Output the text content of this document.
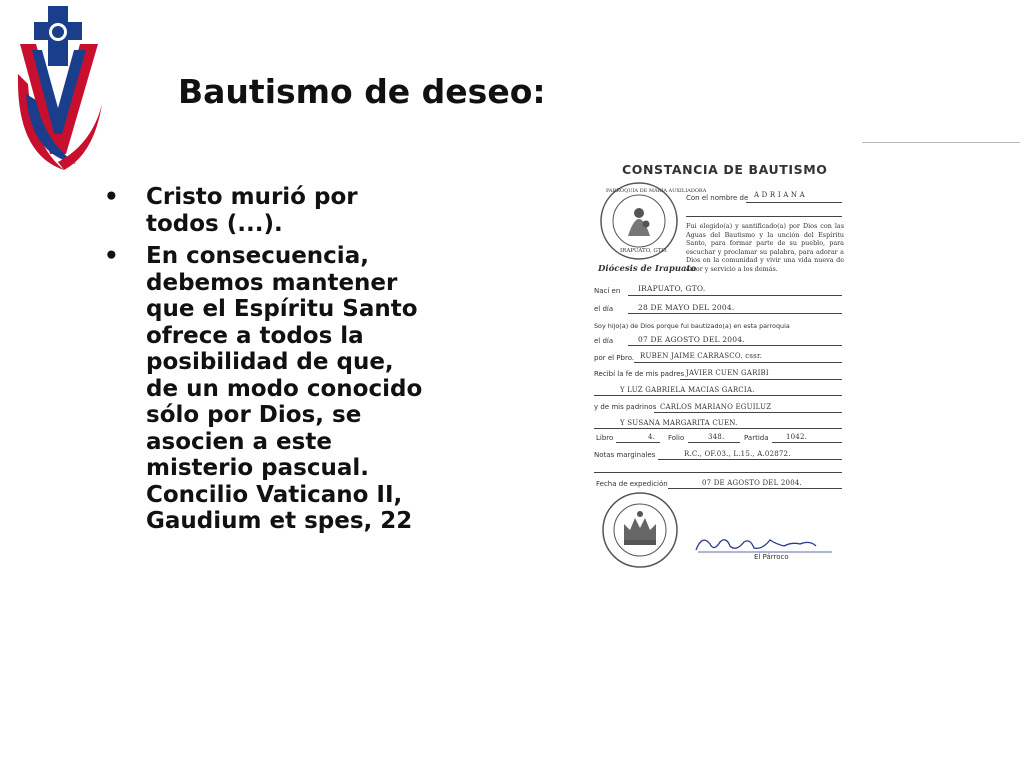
Bautismo de deseo:
• Cristo murió por todos (...).
• En consecuencia, debemos mantener que el Espíritu Santo ofrece a todos la posibilidad de que, de un modo conocido sólo por Dios, se asocien a este misterio pascual. Concilio Vaticano II, Gaudium et spes, 22
CONSTANCIA DE BAUTISMO
PARROQUIA DE MARÍA AUXILIADORA
IRAPUATO, GTO.
Diócesis de Irapuato
Con el nombre de A D R I A N A
Fui elegido(a) y santificado(a) por Dios con las Aguas del Bautismo y la unción del Espíritu Santo, para formar parte de su pueblo, para escuchar y proclamar su palabra, para adorar a Dios en la comunidad y vivir una vida nueva de amor y servicio a los demás.
Nací en IRAPUATO, GTO.
el día	28 DE MAYO DEL 2004.
Soy hijo(a) de Dios porque fui bautizado(a) en esta parroquia
el día	07 DE AGOSTO DEL 2004.
por el Pbro. RUBEN JAIME CARRASCO. cssr.
Recibí la fe de mis padres JAVIER CUEN GARIBI
Y LUZ GABRIELA MACIAS GARCIA.
y de mis padrinos CARLOS MARIANO EGUILUZ
Y SUSANA MARGARITA CUEN.
Libro	4. Folio	348.	Partida	1042.
Notas marginales	R.C., OF.03., L.15., A.02872.
Fecha de expedición	07 DE AGOSTO DEL 2004.
El Párroco
